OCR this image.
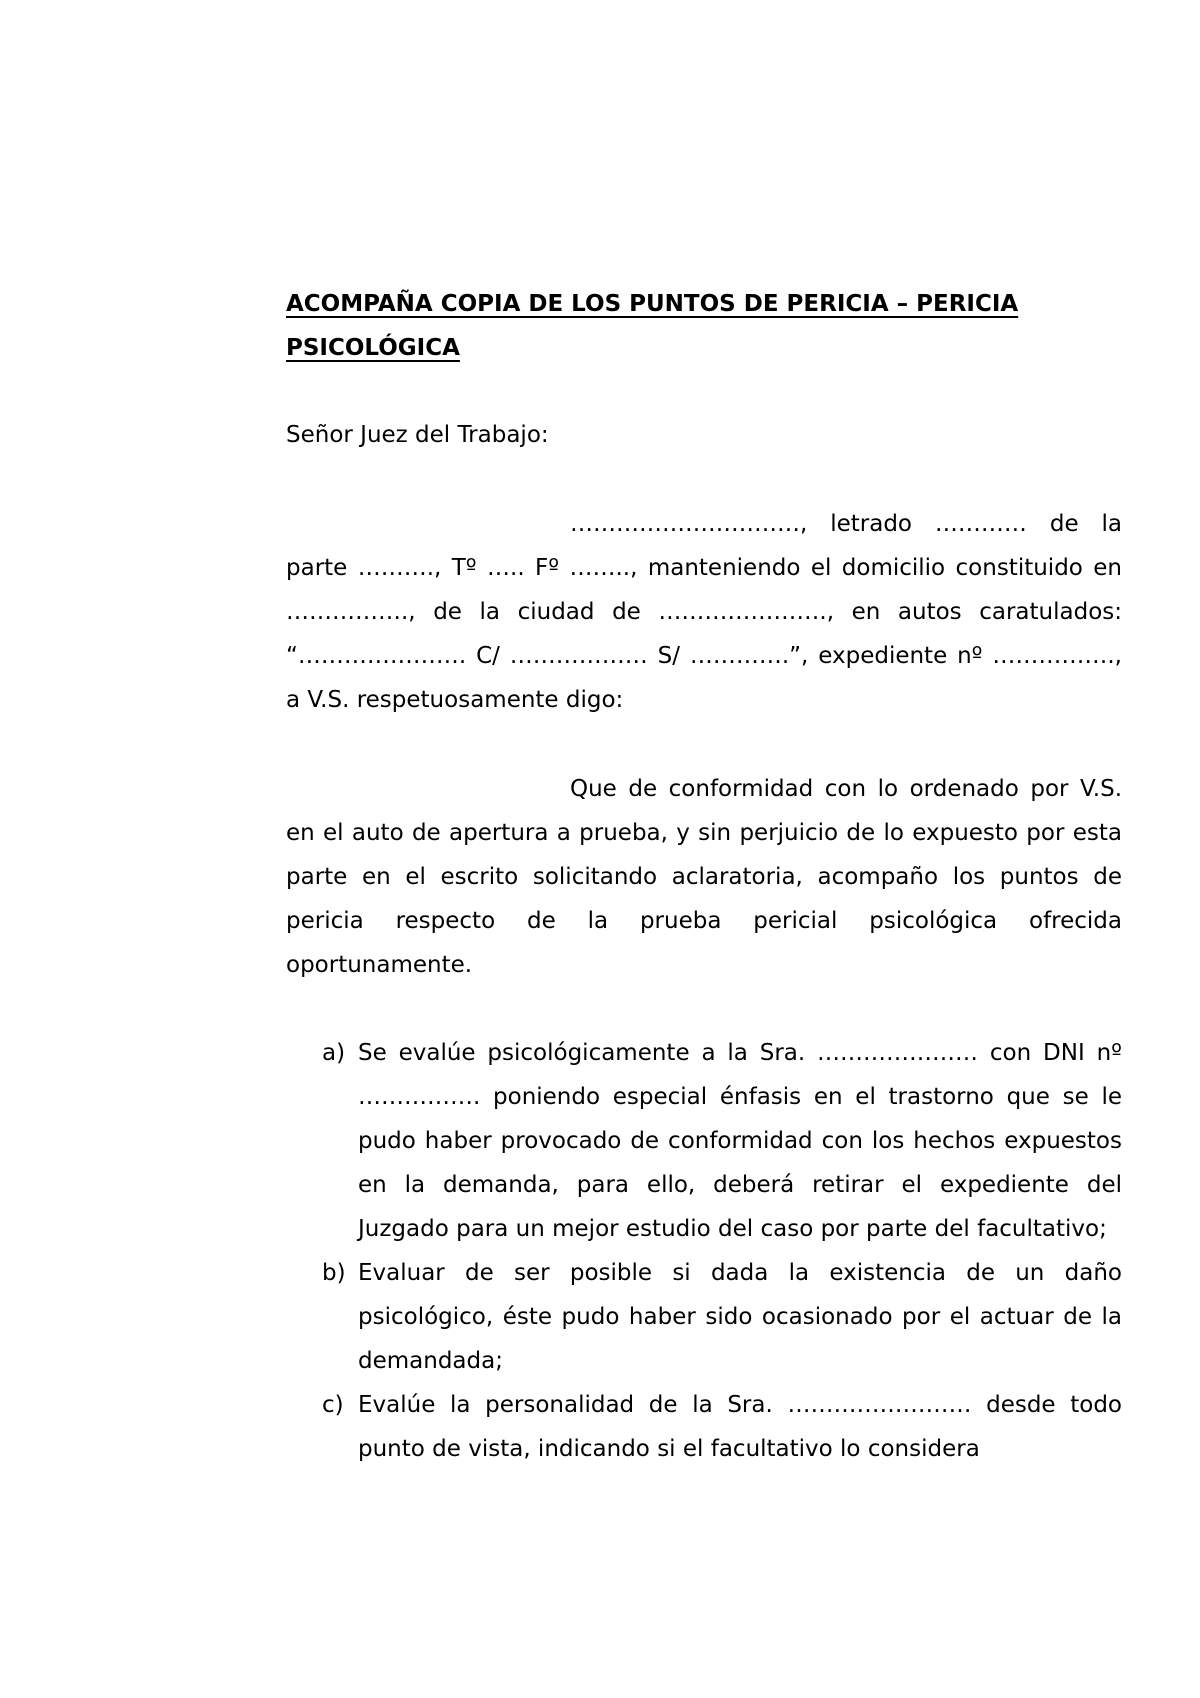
ACOMPAÑA COPIA DE LOS PUNTOS DE PERICIA – PERICIA
PSICOLÓGICA

Señor Juez del Trabajo:

…………………………, letrado ………… de la parte ………., Tº ….. Fº …….., manteniendo el domicilio constituido en ……………., de la ciudad de …………………., en autos caratulados: “…………………. C/ ……………… S/ ………….”, expediente nº ……………., a V.S. respetuosamente digo:

Que de conformidad con lo ordenado por V.S. en el auto de apertura a prueba, y sin perjuicio de lo expuesto por esta parte en el escrito solicitando aclaratoria, acompaño los puntos de pericia respecto de la prueba pericial psicológica ofrecida oportunamente.

a) Se evalúe psicológicamente a la Sra. ………………… con DNI nº ……………. poniendo especial énfasis en el trastorno que se le pudo haber provocado de conformidad con los hechos expuestos en la demanda, para ello, deberá retirar el expediente del Juzgado para un mejor estudio del caso por parte del facultativo;
b) Evaluar de ser posible si dada la existencia de un daño psicológico, éste pudo haber sido ocasionado por el actuar de la demandada;
c) Evalúe la personalidad de la Sra. …………………… desde todo punto de vista, indicando si el facultativo lo considera
